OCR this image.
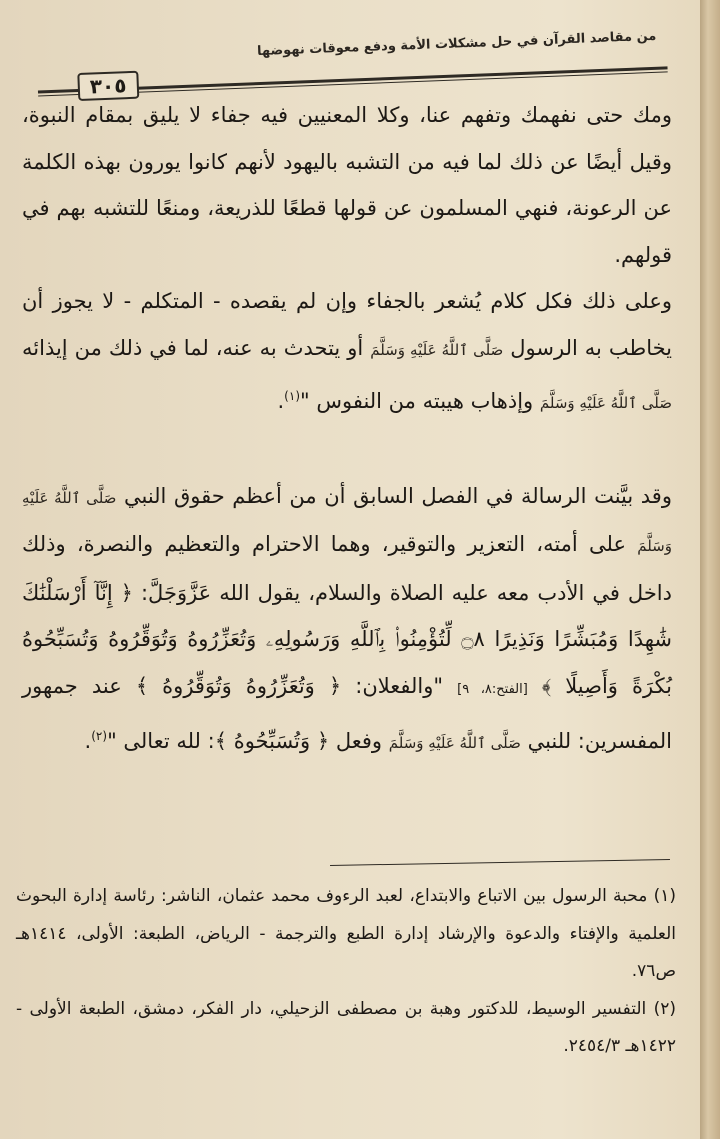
من مقاصد القرآن في حل مشكلات الأمة ودفع معوقات نهوضها
٣٠٥

ومك حتى نفهمك وتفهم عنا، وكلا المعنيين فيه جفاء لا يليق بمقام النبوة، وقيل أيضًا عن ذلك لما فيه من التشبه باليهود لأنهم كانوا يورون بهذه الكلمة عن الرعونة، فنهي المسلمون عن قولها قطعًا للذريعة، ومنعًا للتشبه بهم في قولهم.

وعلى ذلك فكل كلام يُشعر بالجفاء وإن لم يقصده - المتكلم - لا يجوز أن يخاطب به الرسول صَلَّى ٱللَّهُ عَلَيْهِ وَسَلَّمَ أو يتحدث به عنه، لما في ذلك من إيذائه صَلَّى ٱللَّهُ عَلَيْهِ وَسَلَّمَ وإذهاب هيبته من النفوس "$^{(١)}$.

وقد بيَّنت الرسالة في الفصل السابق أن من أعظم حقوق النبي صَلَّى ٱللَّهُ عَلَيْهِ وَسَلَّمَ على أمته، التعزير والتوقير، وهما الاحترام والتعظيم والنصرة، وذلك داخل في الأدب معه عليه الصلاة والسلام، يقول الله عَزَّوَجَلَّ: ﴿ إِنَّآ أَرْسَلْنَٰكَ شَٰهِدًا وَمُبَشِّرًا وَنَذِيرًا ۝٨ لِّتُؤْمِنُوا۟ بِٱللَّهِ وَرَسُولِهِۦ وَتُعَزِّرُوهُ وَتُوَقِّرُوهُ وَتُسَبِّحُوهُ بُكْرَةً وَأَصِيلًا ﴾ [الفتح:٨، ٩] "والفعلان: ﴿ وَتُعَزِّرُوهُ وَتُوَقِّرُوهُ ﴾ عند جمهور المفسرين: للنبي صَلَّى ٱللَّهُ عَلَيْهِ وَسَلَّمَ وفعل ﴿ وَتُسَبِّحُوهُ ﴾: لله تعالى "$^{(٢)}$.

(١) محبة الرسول بين الاتباع والابتداع، لعبد الرءوف محمد عثمان، الناشر: رئاسة إدارة البحوث العلمية والإفتاء والدعوة والإرشاد إدارة الطبع والترجمة - الرياض، الطبعة: الأولى، ١٤١٤هـ ص٧٦.

(٢) التفسير الوسيط، للدكتور وهبة بن مصطفى الزحيلي، دار الفكر، دمشق، الطبعة الأولى - ١٤٢٢هـ ٢٤٥٤/٣.
